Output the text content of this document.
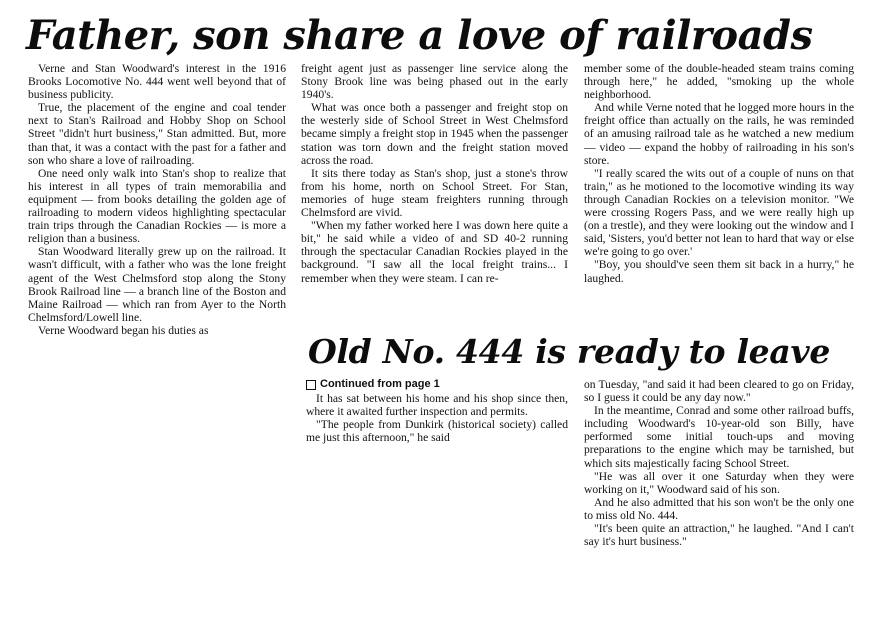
Father, son share a love of railroads

Verne and Stan Woodward's interest in the 1916 Brooks Locomotive No. 444 went well beyond that of business publicity.

True, the placement of the engine and coal tender next to Stan's Railroad and Hobby Shop on School Street "didn't hurt business," Stan admitted. But, more than that, it was a contact with the past for a father and son who share a love of railroading.

One need only walk into Stan's shop to realize that his interest in all types of train memorabilia and equipment — from books detailing the golden age of railroading to modern videos highlighting spectacular train trips through the Canadian Rockies — is more a religion than a business.

Stan Woodward literally grew up on the railroad. It wasn't difficult, with a father who was the lone freight agent of the West Chelmsford stop along the Stony Brook Railroad line — a branch line of the Boston and Maine Railroad — which ran from Ayer to the North Chelmsford/Lowell line.

Verne Woodward began his duties as

freight agent just as passenger line service along the Stony Brook line was being phased out in the early 1940's.

What was once both a passenger and freight stop on the westerly side of School Street in West Chelmsford became simply a freight stop in 1945 when the passenger station was torn down and the freight station moved across the road.

It sits there today as Stan's shop, just a stone's throw from his home, north on School Street. For Stan, memories of huge steam freighters running through Chelmsford are vivid.

"When my father worked here I was down here quite a bit," he said while a video of and SD 40-2 running through the spectacular Canadian Rockies played in the background. "I saw all the local freight trains... I remember when they were steam. I can re-

member some of the double-headed steam trains coming through here," he added, "smoking up the whole neighborhood.

And while Verne noted that he logged more hours in the freight office than actually on the rails, he was reminded of an amusing railroad tale as he watched a new medium — video — expand the hobby of railroading in his son's store.

"I really scared the wits out of a couple of nuns on that train," as he motioned to the locomotive winding its way through Canadian Rockies on a television monitor. "We were crossing Rogers Pass, and we were really high up (on a trestle), and they were looking out the window and I said, 'Sisters, you'd better not lean to hard that way or else we're going to go over.'

"Boy, you should've seen them sit back in a hurry," he laughed.

Old No. 444 is ready to leave
Continued from page 1

It has sat between his home and his shop since then, where it awaited further inspection and permits.

"The people from Dunkirk (historical society) called me just this afternoon," he said

on Tuesday, "and said it had been cleared to go on Friday, so I guess it could be any day now."

In the meantime, Conrad and some other railroad buffs, including Woodward's 10-year-old son Billy, have performed some initial touch-ups and moving preparations to the engine which may be tarnished, but which sits majestically facing School Street.

"He was all over it one Saturday when they were working on it," Woodward said of his son.

And he also admitted that his son won't be the only one to miss old No. 444.

"It's been quite an attraction," he laughed. "And I can't say it's hurt business."
